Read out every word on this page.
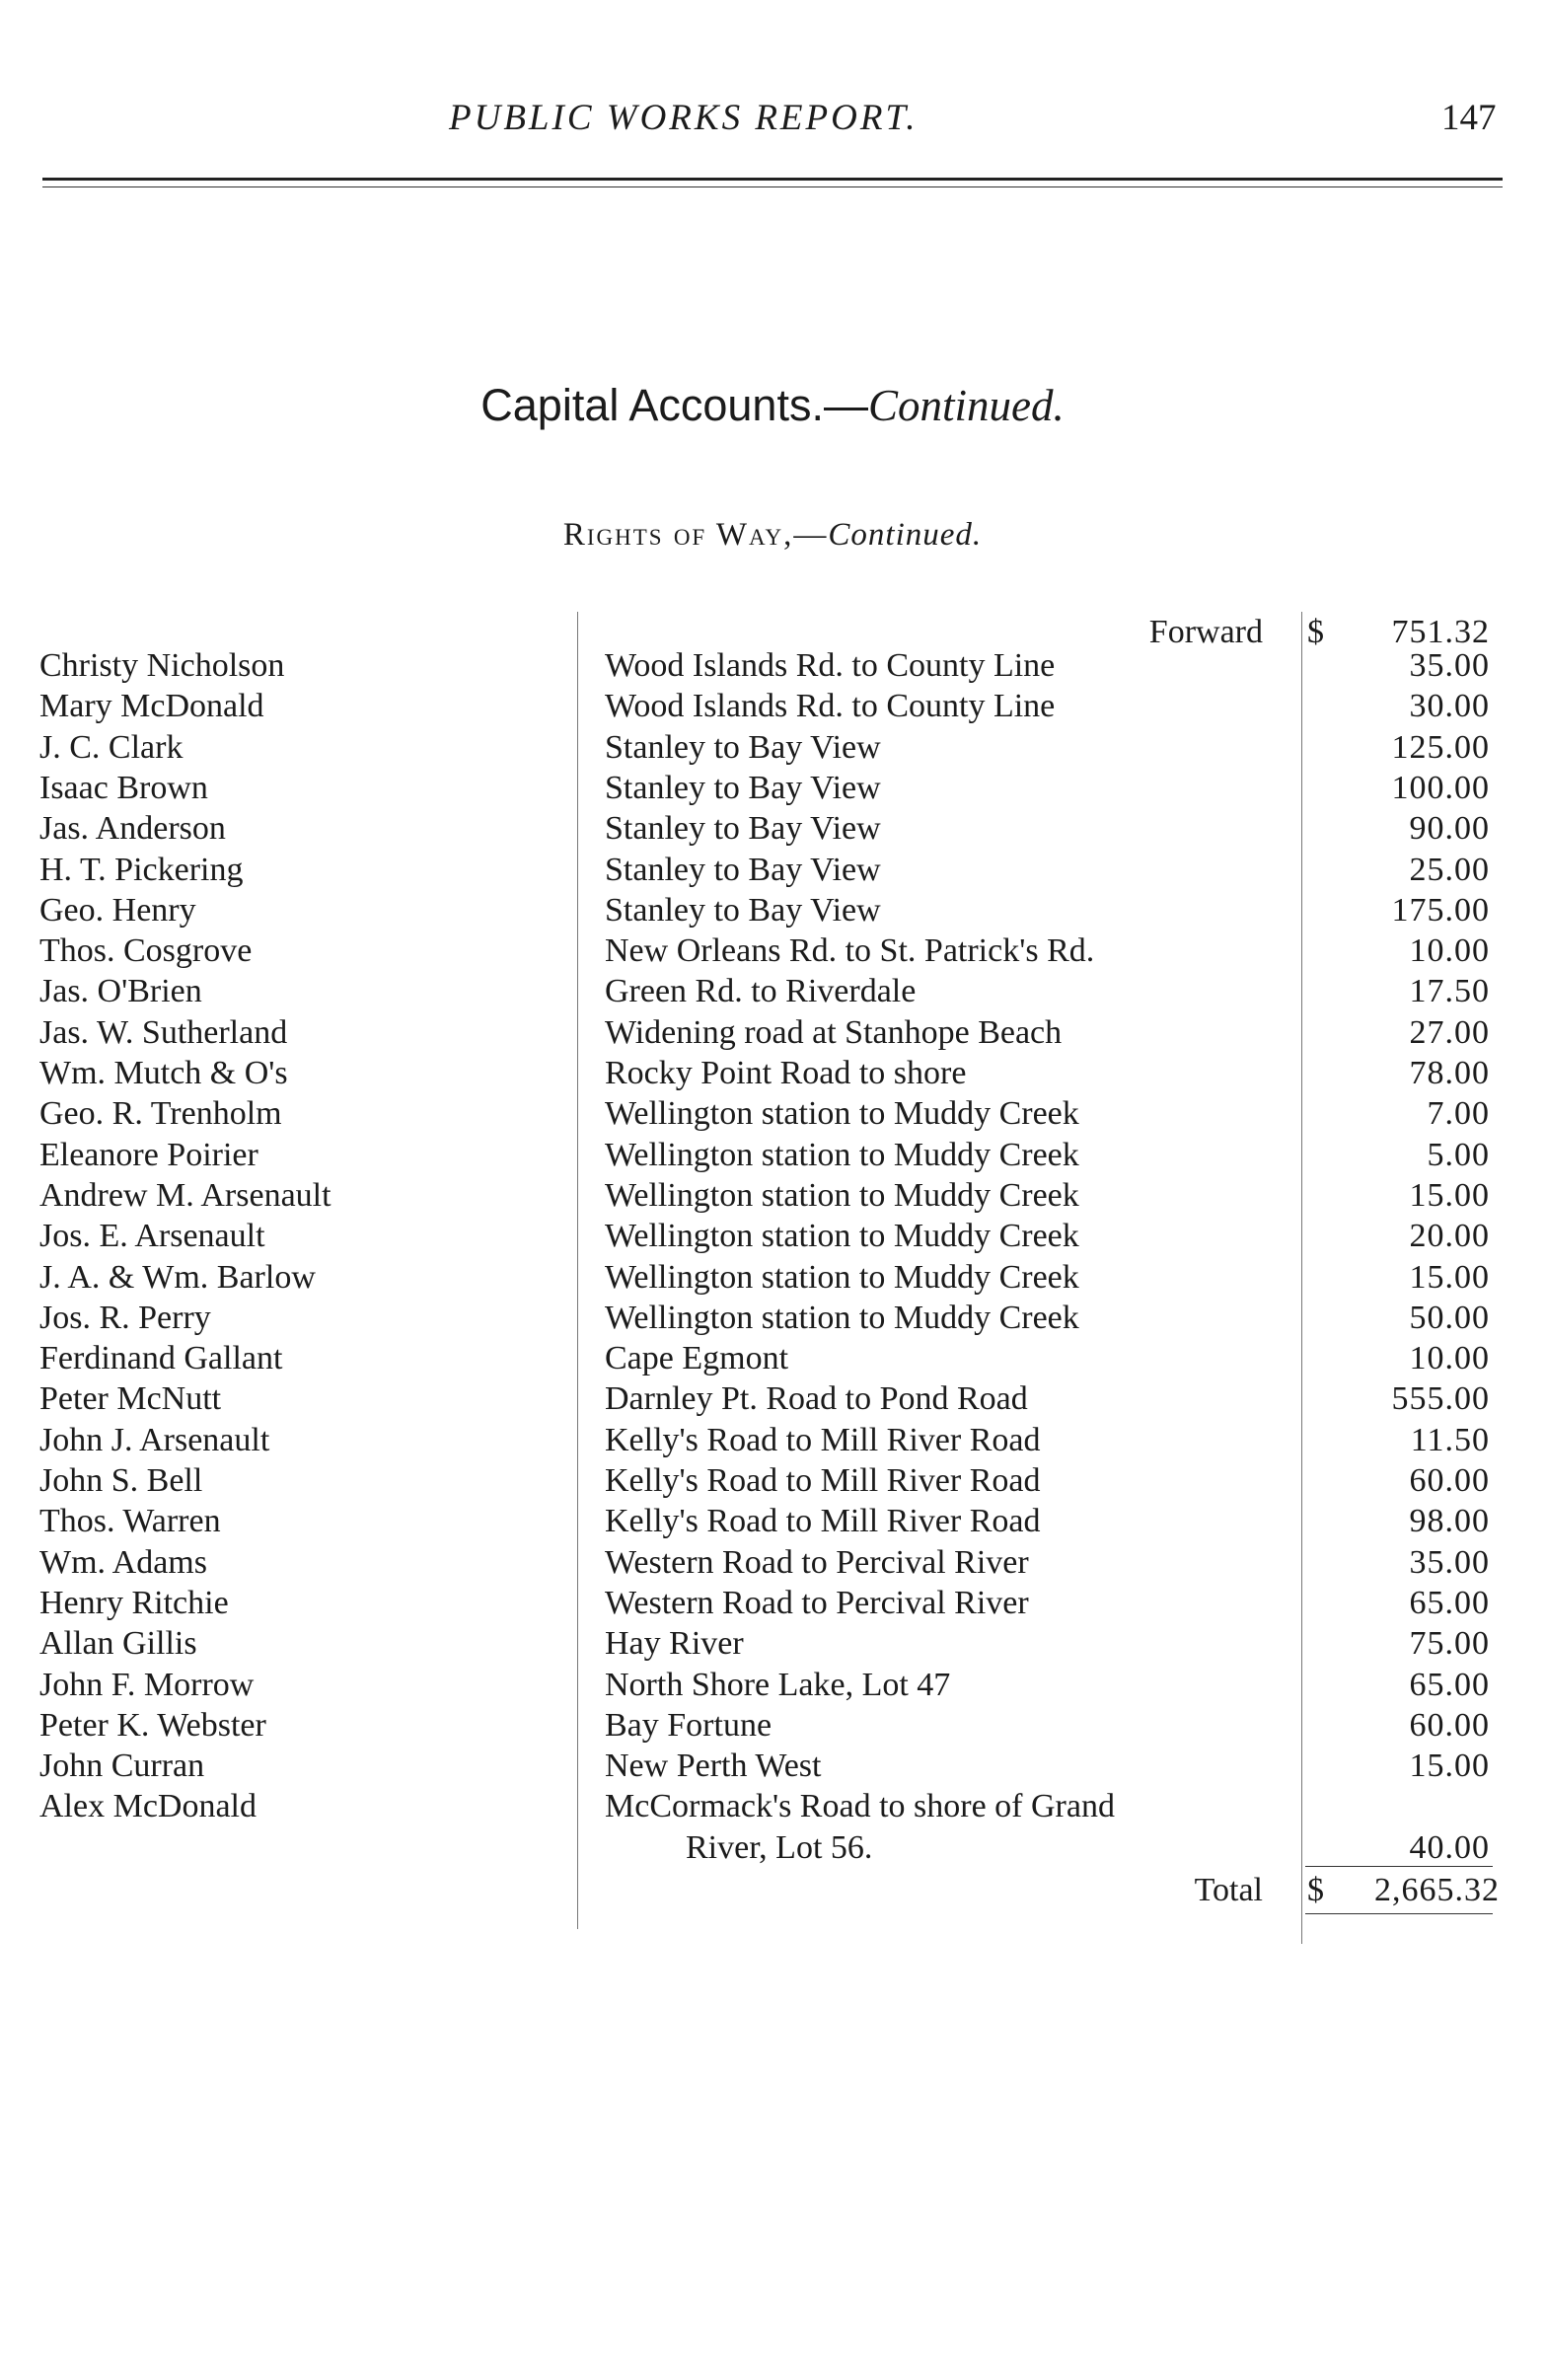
PUBLIC WORKS REPORT.	147
Capital Accounts.—Continued.
Rights of Way,—Continued.
Forward $ 751.32
Christy Nicholson	Wood Islands Rd. to County Line	35.00
Mary McDonald	Wood Islands Rd. to County Line	30.00
J. C. Clark	Stanley to Bay View	125.00
Isaac Brown	Stanley to Bay View	100.00
Jas. Anderson	Stanley to Bay View	90.00
H. T. Pickering	Stanley to Bay View	25.00
Geo. Henry	Stanley to Bay View	175.00
Thos. Cosgrove	New Orleans Rd. to St. Patrick's Rd.	10.00
Jas. O'Brien	Green Rd. to Riverdale	17.50
Jas. W. Sutherland	Widening road at Stanhope Beach	27.00
Wm. Mutch & O's	Rocky Point Road to shore	78.00
Geo. R. Trenholm	Wellington station to Muddy Creek	7.00
Eleanore Poirier	Wellington station to Muddy Creek	5.00
Andrew M. Arsenault	Wellington station to Muddy Creek	15.00
Jos. E. Arsenault	Wellington station to Muddy Creek	20.00
J. A. & Wm. Barlow	Wellington station to Muddy Creek	15.00
Jos. R. Perry	Wellington station to Muddy Creek	50.00
Ferdinand Gallant	Cape Egmont	10.00
Peter McNutt	Darnley Pt. Road to Pond Road	555.00
John J. Arsenault	Kelly's Road to Mill River Road	11.50
John S. Bell	Kelly's Road to Mill River Road	60.00
Thos. Warren	Kelly's Road to Mill River Road	98.00
Wm. Adams	Western Road to Percival River	35.00
Henry Ritchie	Western Road to Percival River	65.00
Allan Gillis	Hay River	75.00
John F. Morrow	North Shore Lake, Lot 47	65.00
Peter K. Webster	Bay Fortune	60.00
John Curran	New Perth West	15.00
Alex McDonald	McCormack's Road to shore of Grand
River, Lot 56.	40.00
Total $ 2,665.32
